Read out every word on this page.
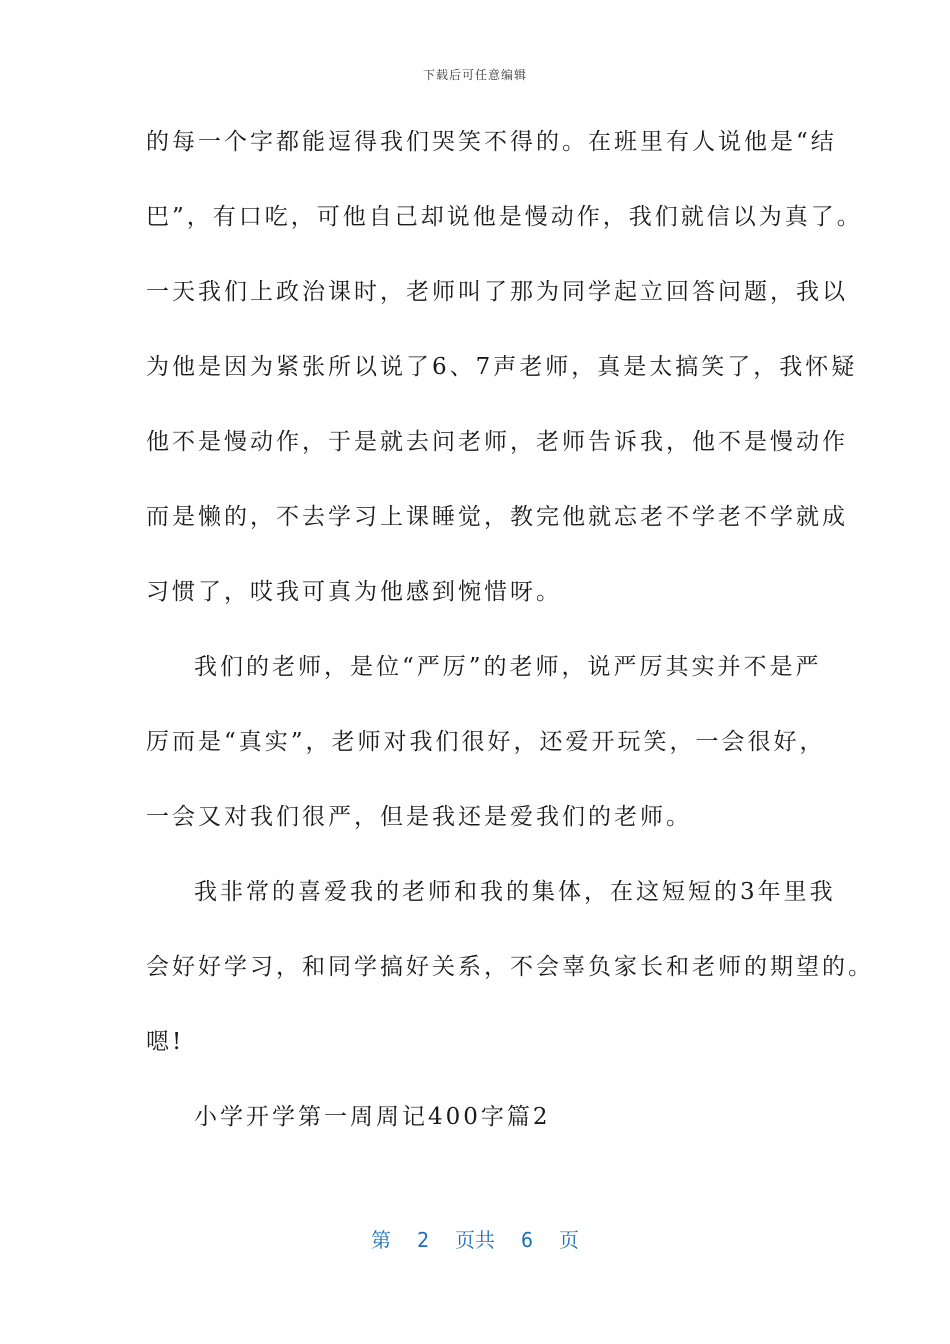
下载后可任意编辑
的每一个字都能逗得我们哭笑不得的。在班里有人说他是“结
巴”，有口吃，可他自己却说他是慢动作，我们就信以为真了。
一天我们上政治课时，老师叫了那为同学起立回答问题，我以
为他是因为紧张所以说了6、7声老师，真是太搞笑了，我怀疑
他不是慢动作，于是就去问老师，老师告诉我，他不是慢动作
而是懒的，不去学习上课睡觉，教完他就忘老不学老不学就成
习惯了，哎我可真为他感到惋惜呀。
我们的老师，是位“严厉”的老师，说严厉其实并不是严
厉而是“真实”，老师对我们很好，还爱开玩笑，一会很好，
一会又对我们很严，但是我还是爱我们的老师。
我非常的喜爱我的老师和我的集体，在这短短的3年里我
会好好学习，和同学搞好关系，不会辜负家长和老师的期望的。
嗯!
小学开学第一周周记400字篇2
第 2 页共 6 页
